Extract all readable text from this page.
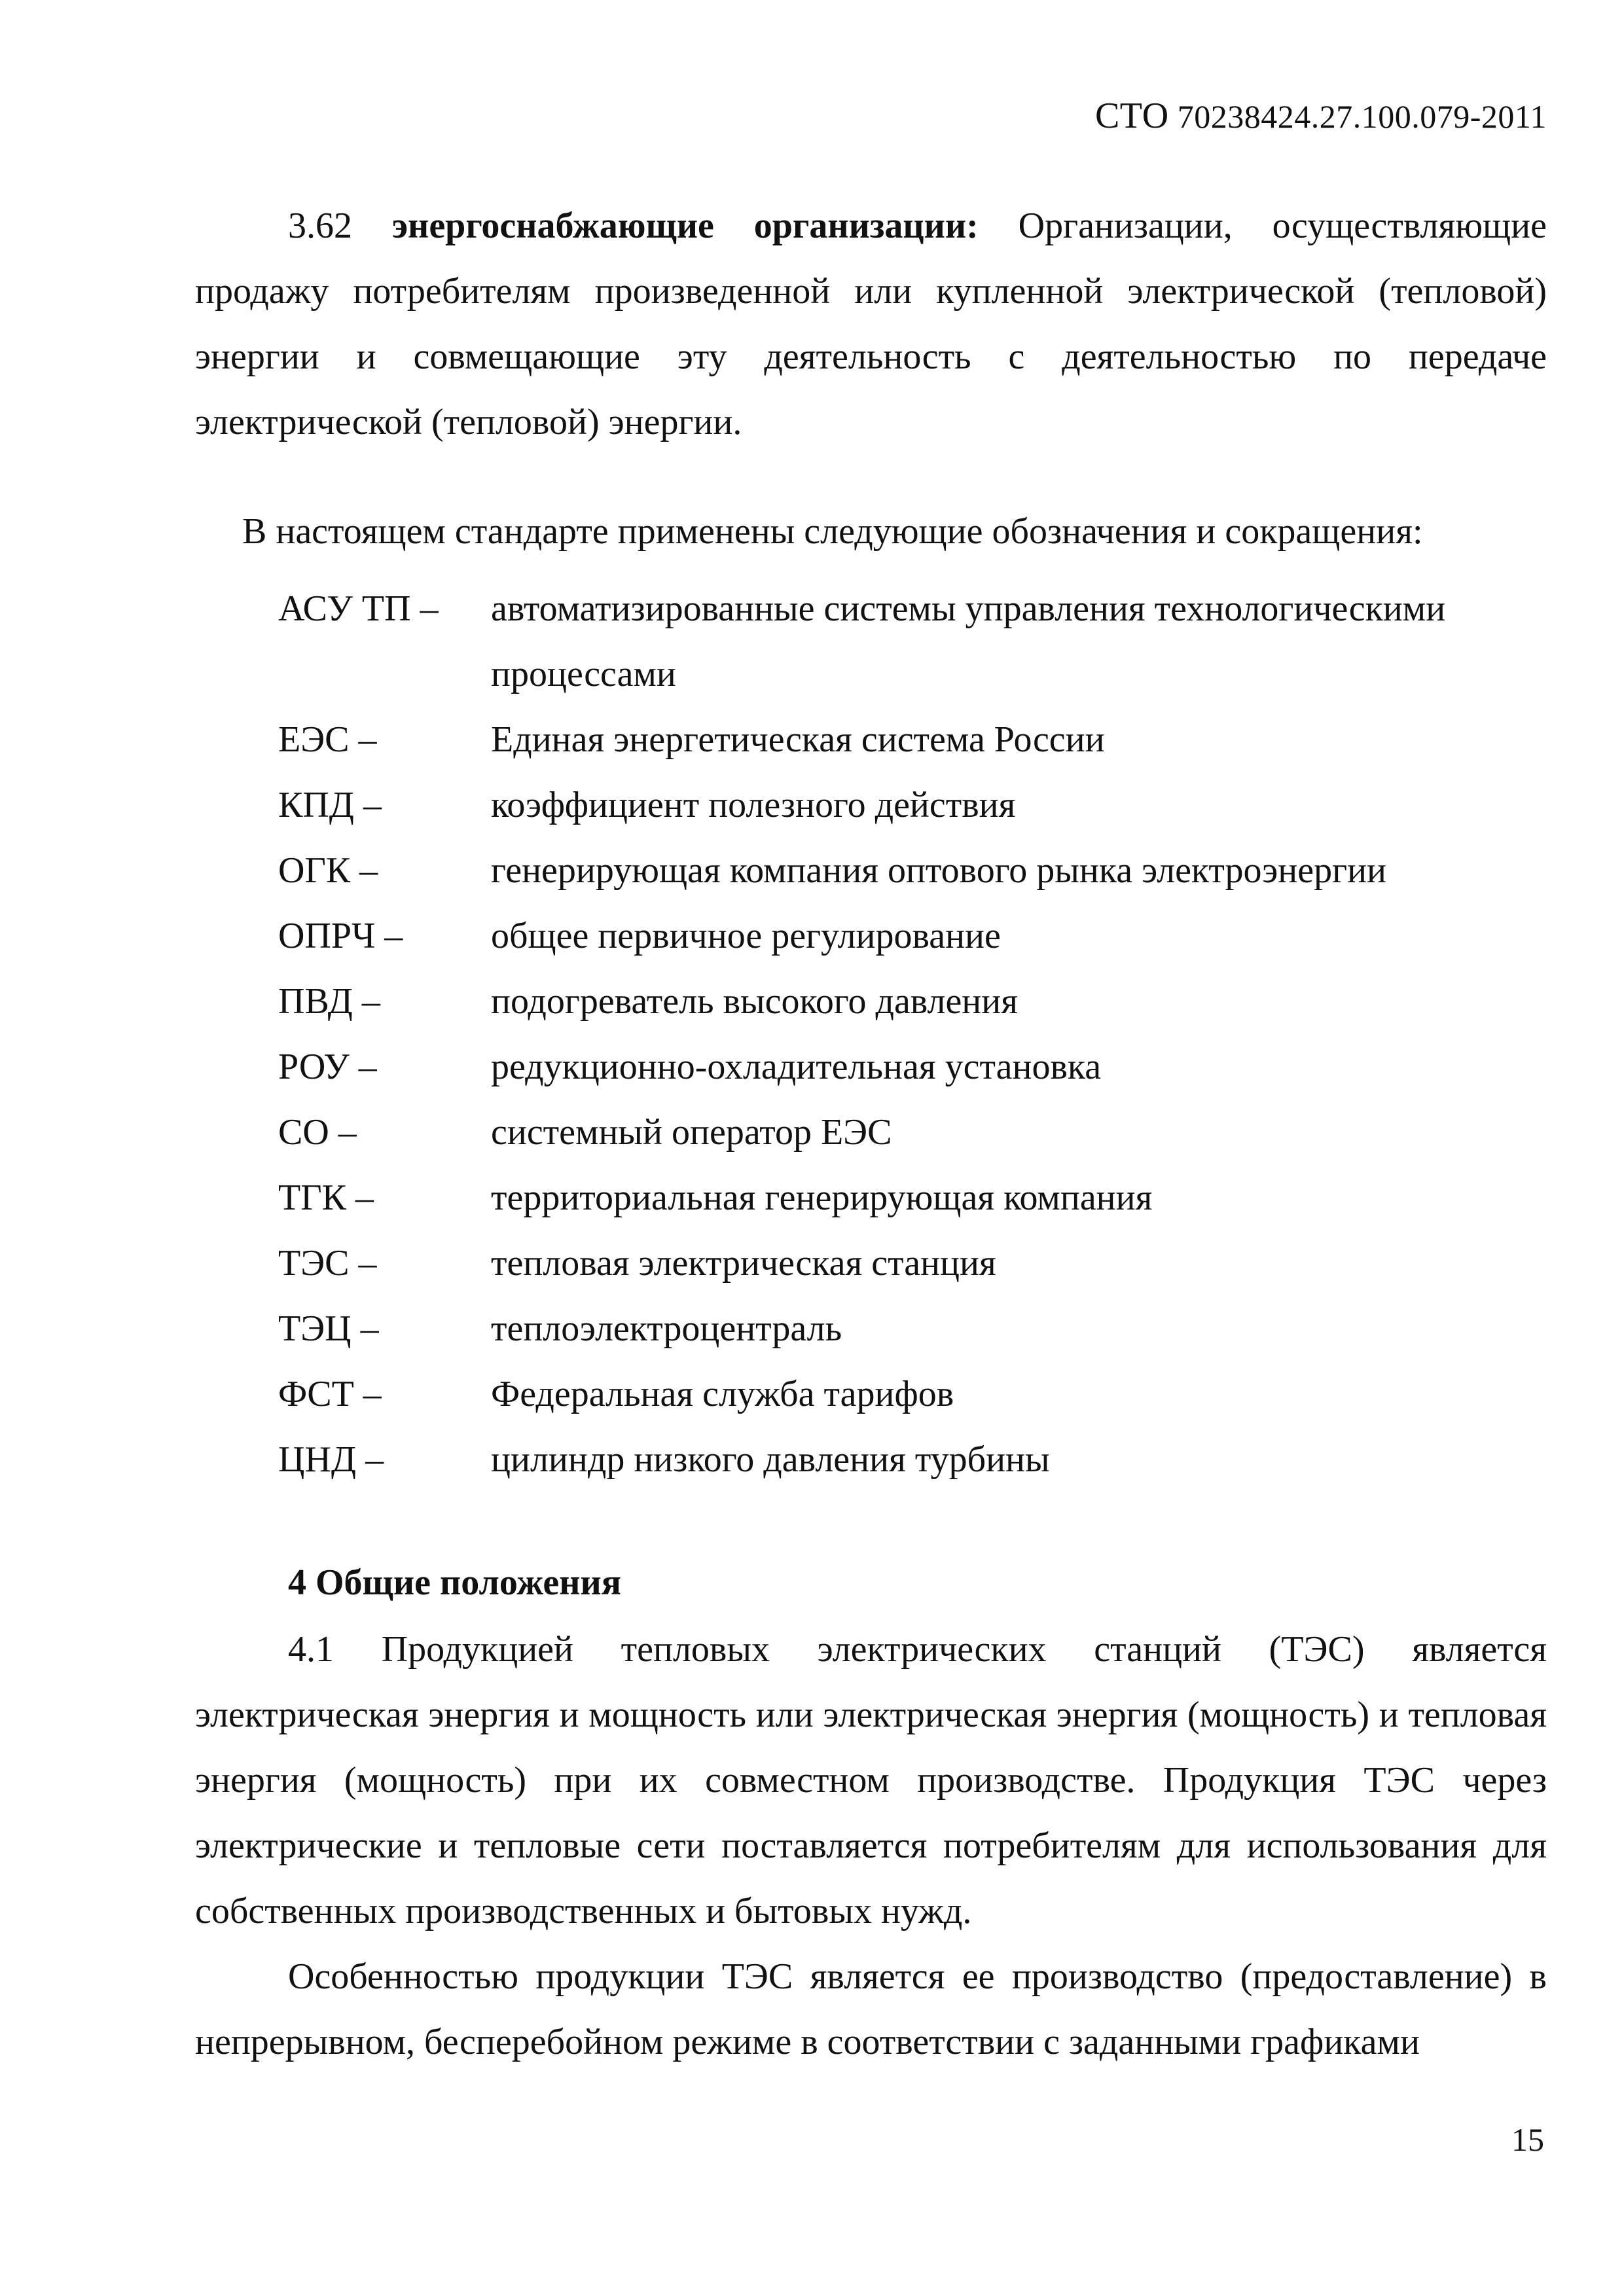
СТО 70238424.27.100.079-2011

3.62 энергоснабжающие организации: Организации, осуществляющие продажу потребителям произведенной или купленной электрической (тепловой) энергии и совмещающие эту деятельность с деятельностью по передаче электрической (тепловой) энергии.

В настоящем стандарте применены следующие обозначения и сокращения:
АСУ ТП –	автоматизированные системы управления технологическими процессами
ЕЭС –	Единая энергетическая система России
КПД –	коэффициент полезного действия
ОГК –	генерирующая компания оптового рынка электроэнергии
ОПРЧ –	общее первичное регулирование
ПВД –	подогреватель высокого давления
РОУ –	редукционно-охладительная установка
СО –	системный оператор ЕЭС
ТГК –	территориальная генерирующая компания
ТЭС –	тепловая электрическая станция
ТЭЦ –	теплоэлектроцентраль
ФСТ –	Федеральная служба тарифов
ЦНД –	цилиндр низкого давления турбины
4 Общие положения

4.1 Продукцией тепловых электрических станций (ТЭС) является электрическая энергия и мощность или электрическая энергия (мощность) и тепловая энергия (мощность) при их совместном производстве. Продукция ТЭС через электрические и тепловые сети поставляется потребителям для использования для собственных производственных и бытовых нужд.

Особенностью продукции ТЭС является ее производство (предоставление) в непрерывном, бесперебойном режиме в соответствии с заданными графиками

15
